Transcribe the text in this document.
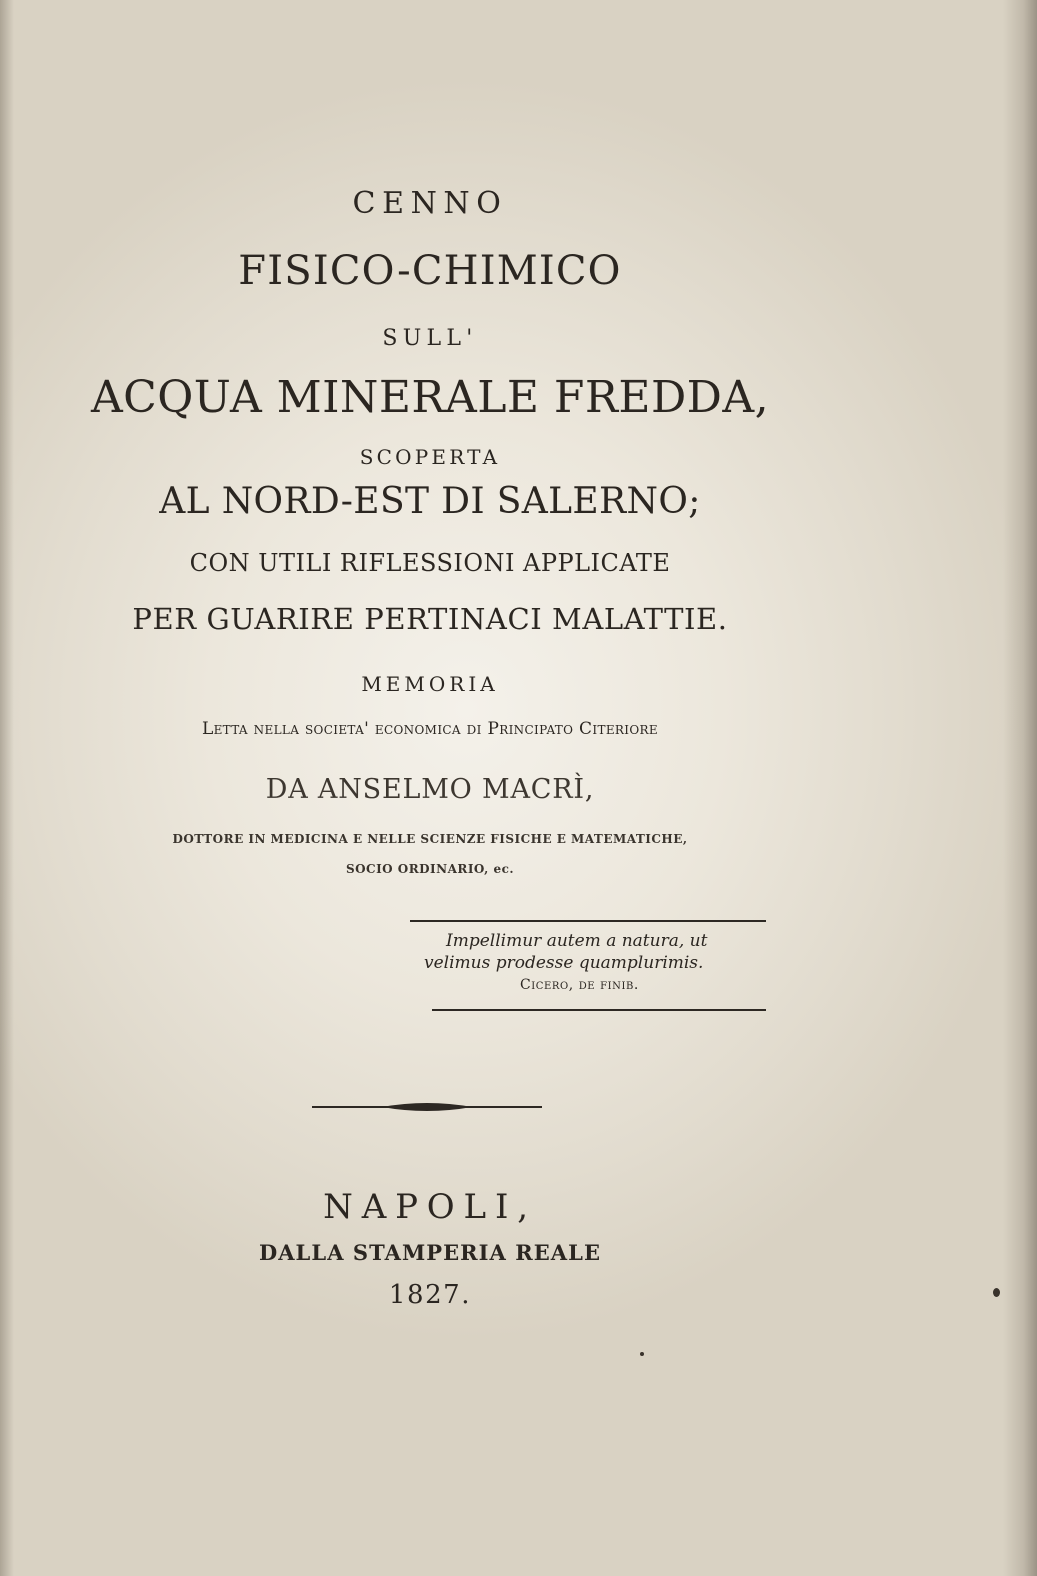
CENNO
FISICO-CHIMICO
SULL'
ACQUA MINERALE FREDDA,
SCOPERTA
AL NORD-EST DI SALERNO;
CON UTILI RIFLESSIONI APPLICATE
PER GUARIRE PERTINACI MALATTIE.
MEMORIA
Letta nella societa' economica di Principato Citeriore
DA ANSELMO MACRÌ,
DOTTORE IN MEDICINA E NELLE SCIENZE FISICHE E MATEMATICHE,
SOCIO ORDINARIO, ec.
Impellimur autem a natura, ut
velimus prodesse quamplurimis.
Cicero, de finib.
NAPOLI,
DALLA STAMPERIA REALE
1827.
